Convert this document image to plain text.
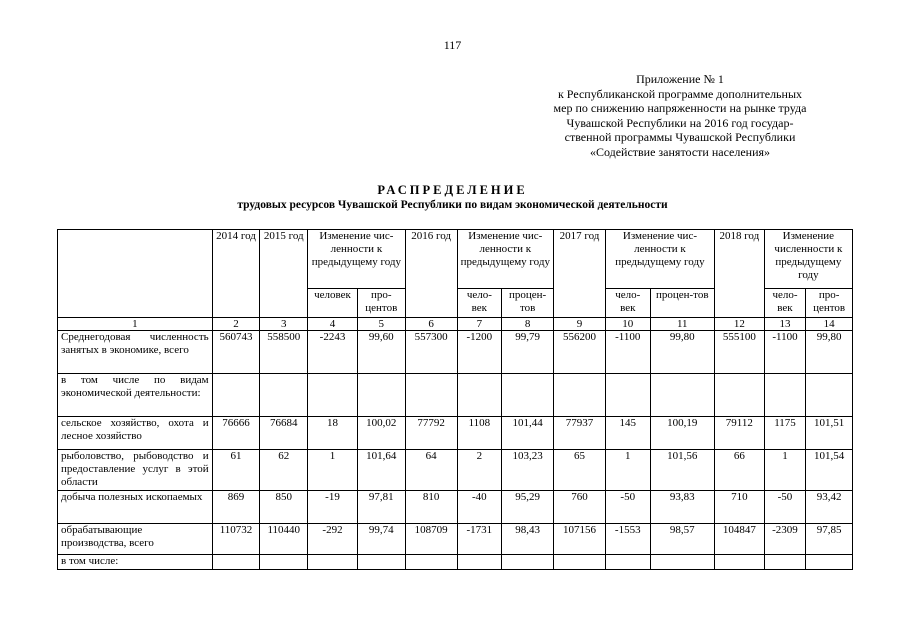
117
Приложение № 1
к Республиканской программе дополнительных
мер по снижению напряженности на рынке труда
Чувашской Республики на 2016 год государ-
ственной программы Чувашской Республики
«Содействие занятости населения»
РАСПРЕДЕЛЕНИЕ
трудовых ресурсов Чувашской Республики по видам экономической деятельности
	2014 год	2015 год	Изменение чис-ленности к предыдущему году		2016 год	Изменение чис-ленности к предыдущему году		2017 год	Изменение чис-ленности к предыдущему году		2018 год	Изменение численности к предыдущему году	
			человек	про-центов		чело-век	процен-тов		чело-век	процен-тов		чело-век	про-центов
1	2	3	4	5	6	7	8	9	10	11	12	13	14
Среднегодовая численность занятых в экономике, всего	560743	558500	-2243	99,60	557300	-1200	99,79	556200	-1100	99,80	555100	-1100	99,80
в том числе по видам экономической деятельности:													
сельское хозяйство, охота и лесное хозяйство	76666	76684	18	100,02	77792	1108	101,44	77937	145	100,19	79112	1175	101,51
рыболовство, рыбоводство и предоставление услуг в этой области	61	62	1	101,64	64	2	103,23	65	1	101,56	66	1	101,54
добыча полезных ископаемых	869	850	-19	97,81	810	-40	95,29	760	-50	93,83	710	-50	93,42
обрабатывающие производства, всего	110732	110440	-292	99,74	108709	-1731	98,43	107156	-1553	98,57	104847	-2309	97,85
в том числе:													
